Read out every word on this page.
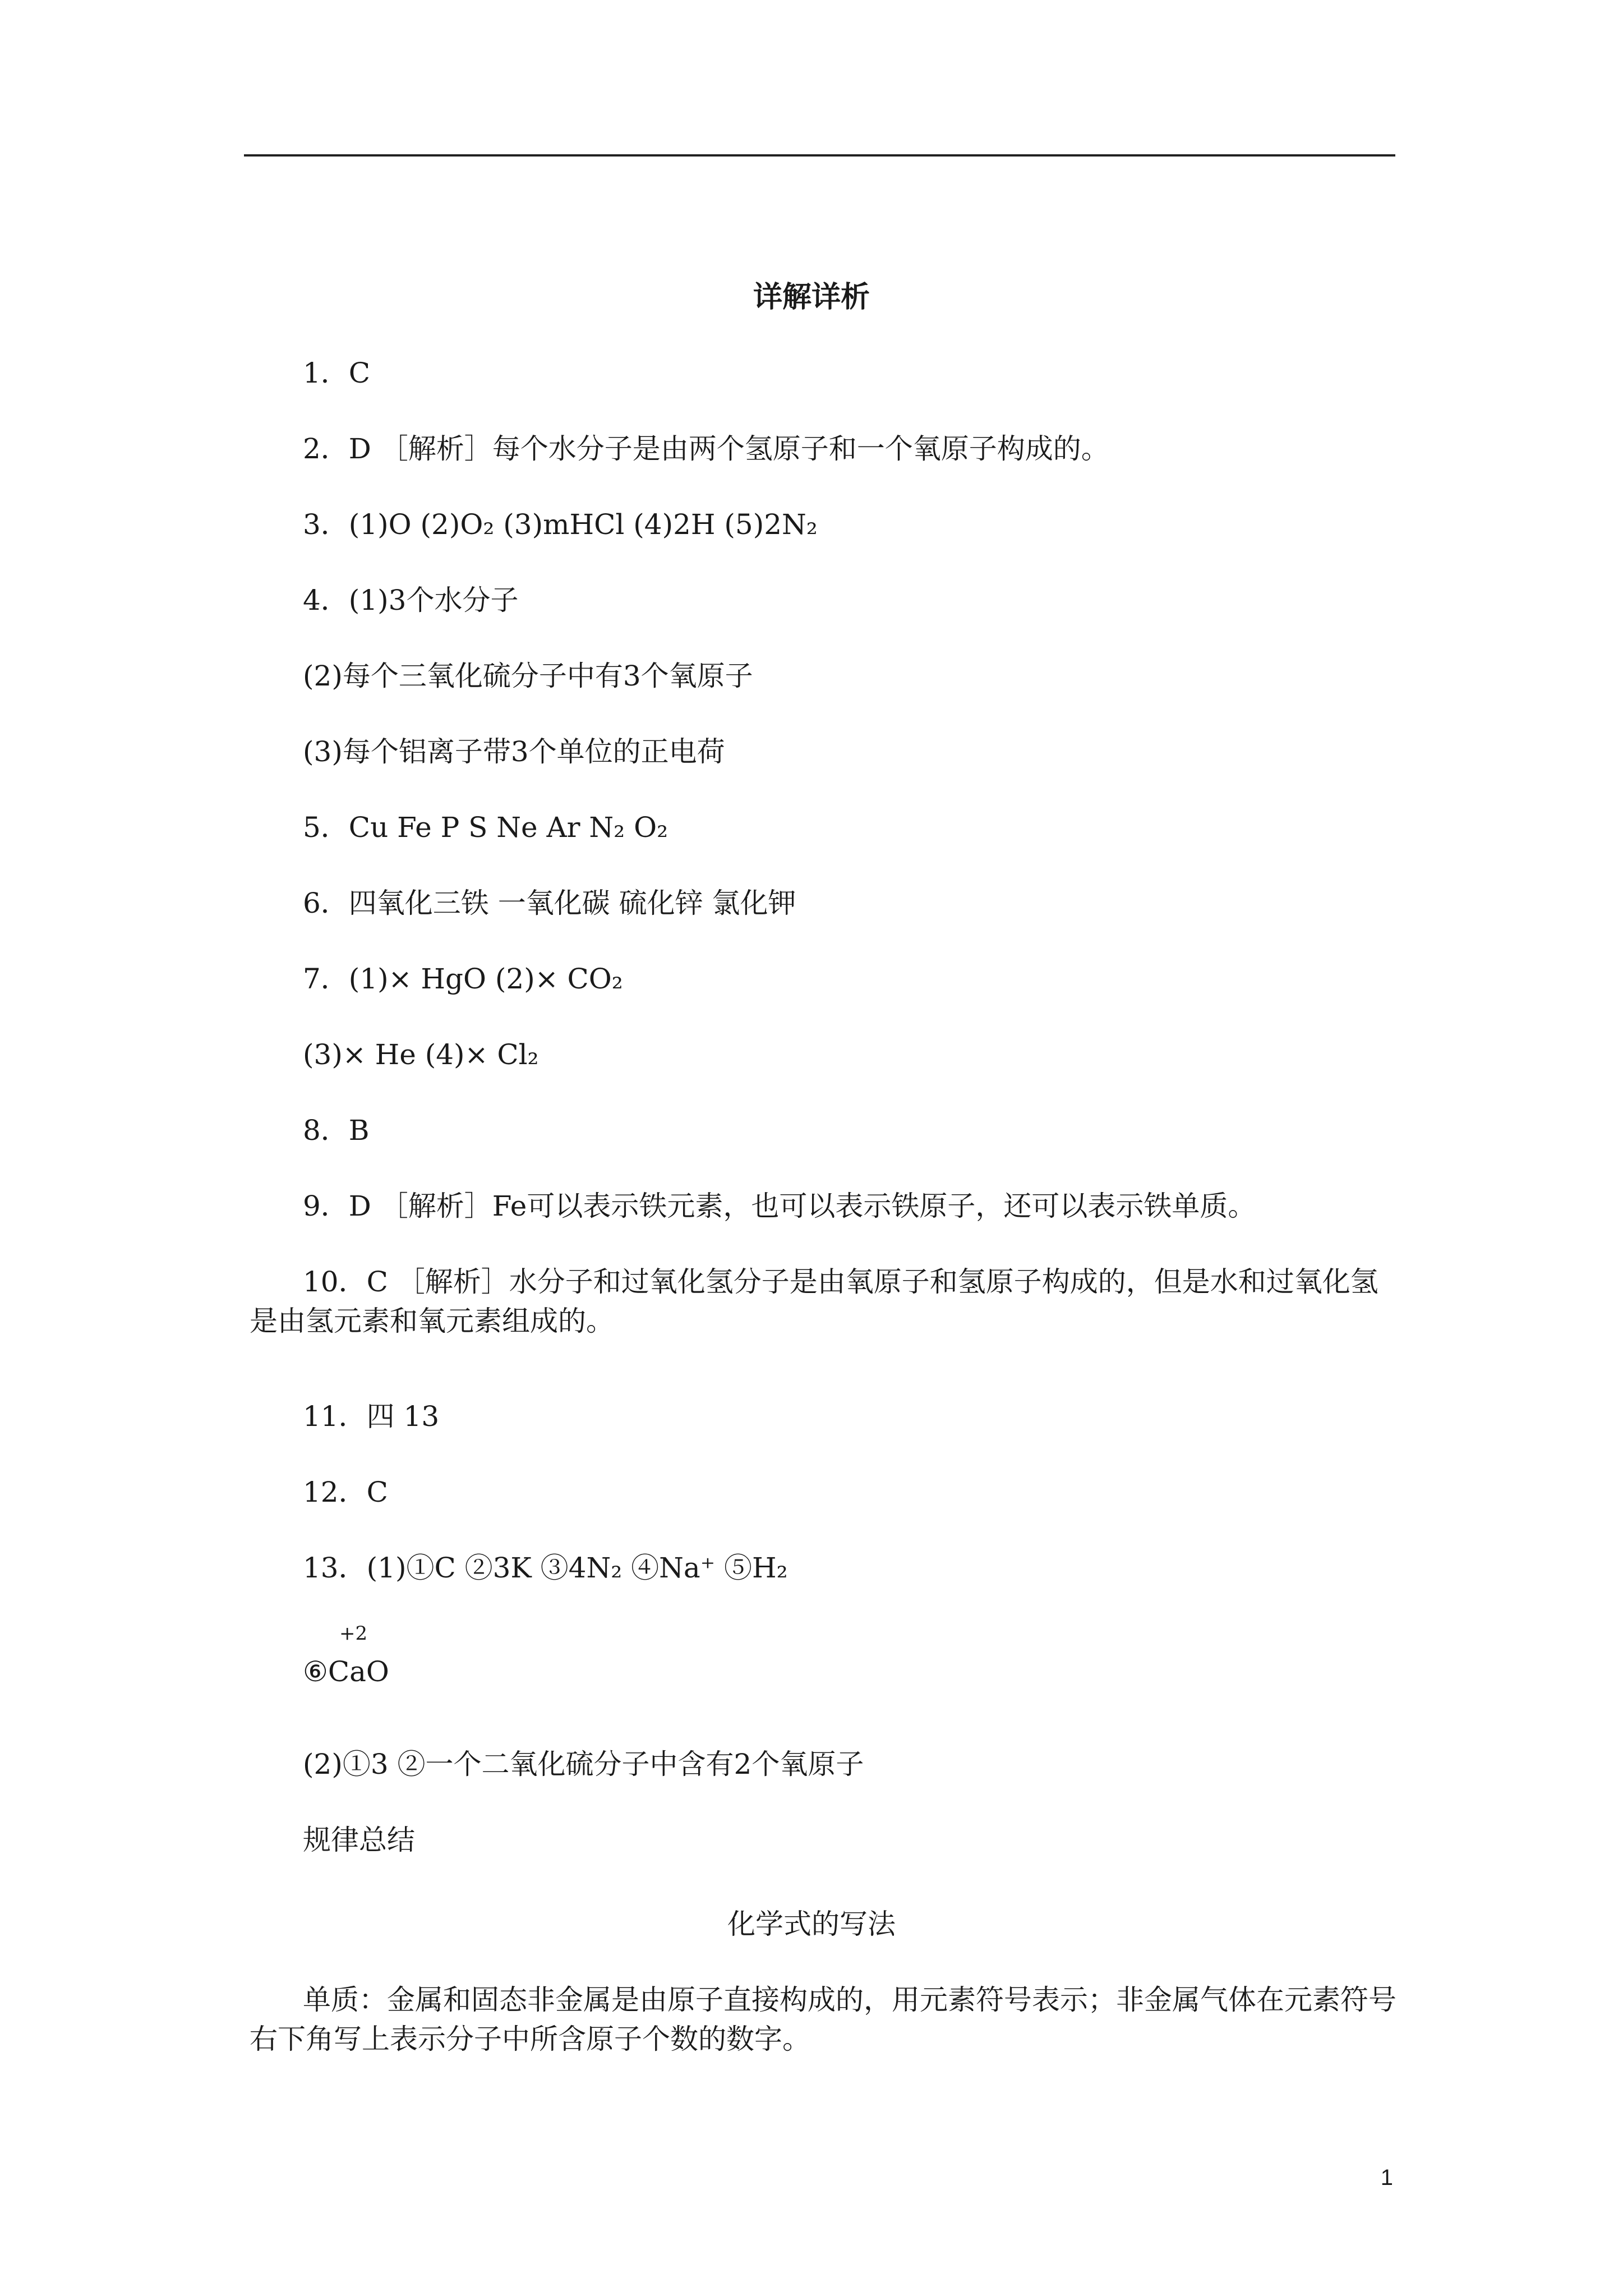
详解详析
1．C
2．D ［解析］每个水分子是由两个氢原子和一个氧原子构成的。
3．(1)O (2)O₂ (3)mHCl (4)2H (5)2N₂
4．(1)3个水分子
(2)每个三氧化硫分子中有3个氧原子
(3)每个铝离子带3个单位的正电荷
5．Cu Fe P S Ne Ar N₂ O₂
6．四氧化三铁 一氧化碳 硫化锌 氯化钾
7．(1)× HgO (2)× CO₂
(3)× He (4)× Cl₂
8．B
9．D ［解析］Fe可以表示铁元素，也可以表示铁原子，还可以表示铁单质。
10．C ［解析］水分子和过氧化氢分子是由氧原子和氢原子构成的，但是水和过氧化氢是由氢元素和氧元素组成的。
11．四 13
12．C
13．(1)①C ②3K ③4N₂ ④Na⁺ ⑤H₂
+2
⑥CaO
(2)①3 ②一个二氧化硫分子中含有2个氧原子
规律总结
化学式的写法
单质：金属和固态非金属是由原子直接构成的，用元素符号表示；非金属气体在元素符号右下角写上表示分子中所含原子个数的数字。
1
